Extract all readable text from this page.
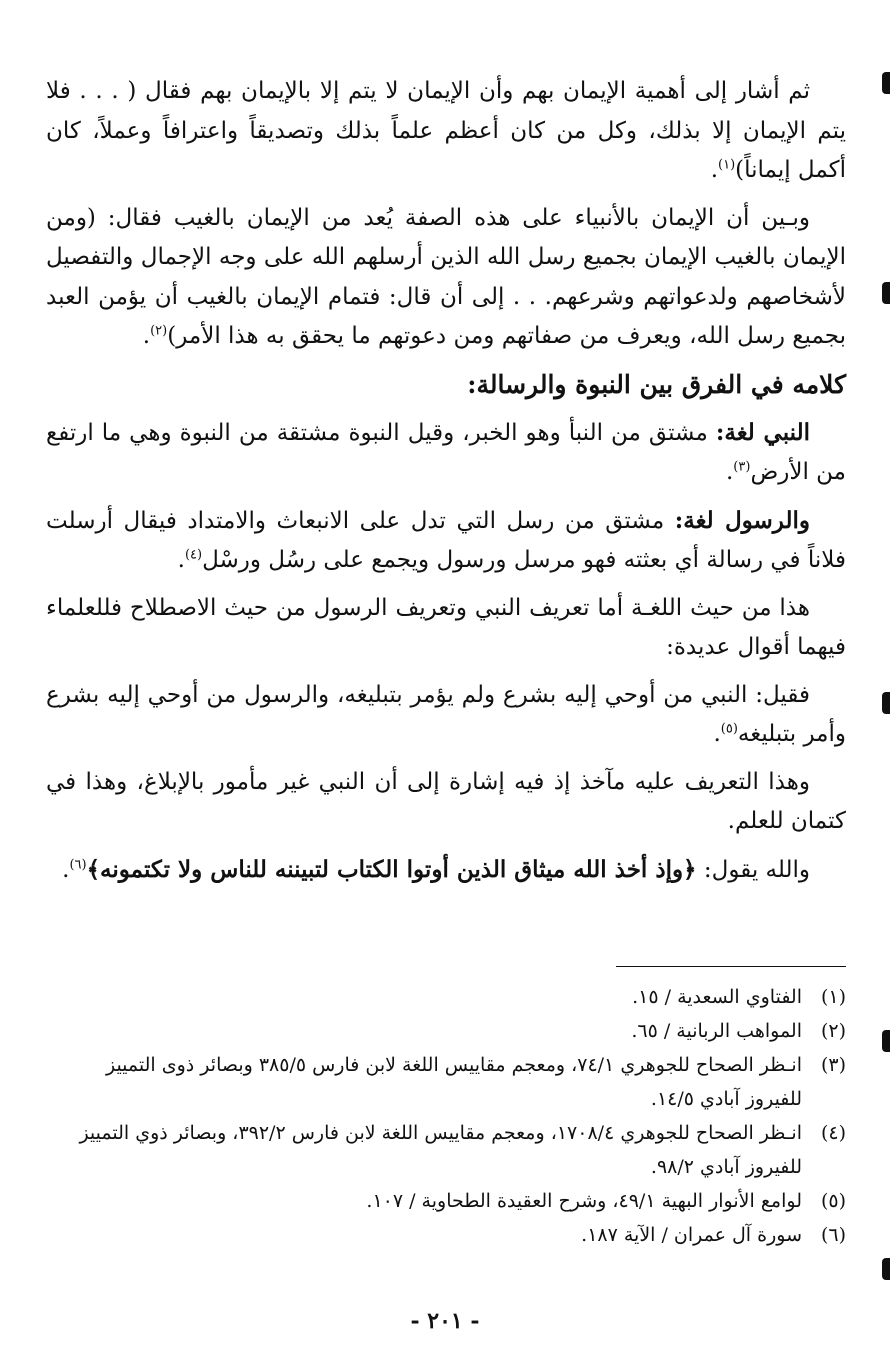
ثم أشار إلى أهمية الإيمان بهم وأن الإيمان لا يتم إلا بالإيمان بهم فقال ( . . . فلا يتم الإيمان إلا بذلك، وكل من كان أعظم علماً بذلك وتصديقاً واعترافاً وعملاً، كان أكمل إيماناً)$^{(١)}$.

وبـين أن الإيمان بالأنبياء على هذه الصفة يُعد من الإيمان بالغيب فقال: (ومن الإيمان بالغيب الإيمان بجميع رسل الله الذين أرسلهم الله على وجه الإجمال والتفصيل لأشخاصهم ولدعواتهم وشرعهم. . . إلى أن قال: فتمام الإيمان بالغيب أن يؤمن العبد بجميع رسل الله، ويعرف من صفاتهم ومن دعوتهم ما يحقق به هذا الأمر)$^{(٢)}$.

كلامه في الفرق بين النبوة والرسالة:

النبي لغة: مشتق من النبأ وهو الخبر، وقيل النبوة مشتقة من النبوة وهي ما ارتفع من الأرض$^{(٣)}$.

والرسول لغة: مشتق من رسل التي تدل على الانبعاث والامتداد فيقال أرسلت فلاناً في رسالة أي بعثته فهو مرسل ورسول ويجمع على رسُل ورسْل$^{(٤)}$.

هذا من حيث اللغـة أما تعريف النبي وتعريف الرسول من حيث الاصطلاح فللعلماء فيهما أقوال عديدة:

فقيل: النبي من أوحي إليه بشرع ولم يؤمر بتبليغه، والرسول من أوحي إليه بشرع وأمر بتبليغه$^{(٥)}$.

وهذا التعريف عليه مآخذ إذ فيه إشارة إلى أن النبي غير مأمور بالإبلاغ، وهذا في كتمان للعلم.

والله يقول: ﴿وإذ أخذ الله ميثاق الذين أوتوا الكتاب لتبيننه للناس ولا تكتمونه﴾$^{(٦)}$.

(١)
الفتاوي السعدية / ١٥.
(٢)
المواهب الربانية / ٦٥.
(٣)
انـظر الصحاح للجوهري ٧٤/١، ومعجم مقاييس اللغة لابن فارس ٣٨٥/٥ وبصائر ذوى التمييز للفيروز آبادي ١٤/٥.
(٤)
انـظر الصحاح للجوهري ١٧٠٨/٤، ومعجم مقاييس اللغة لابن فارس ٣٩٢/٢، وبصائر ذوي التمييز للفيروز آبادي ٩٨/٢.
(٥)
لوامع الأنوار البهية ٤٩/١، وشرح العقيدة الطحاوية / ١٠٧.
(٦)
سورة آل عمران / الآية ١٨٧.
- ٢٠١ -
